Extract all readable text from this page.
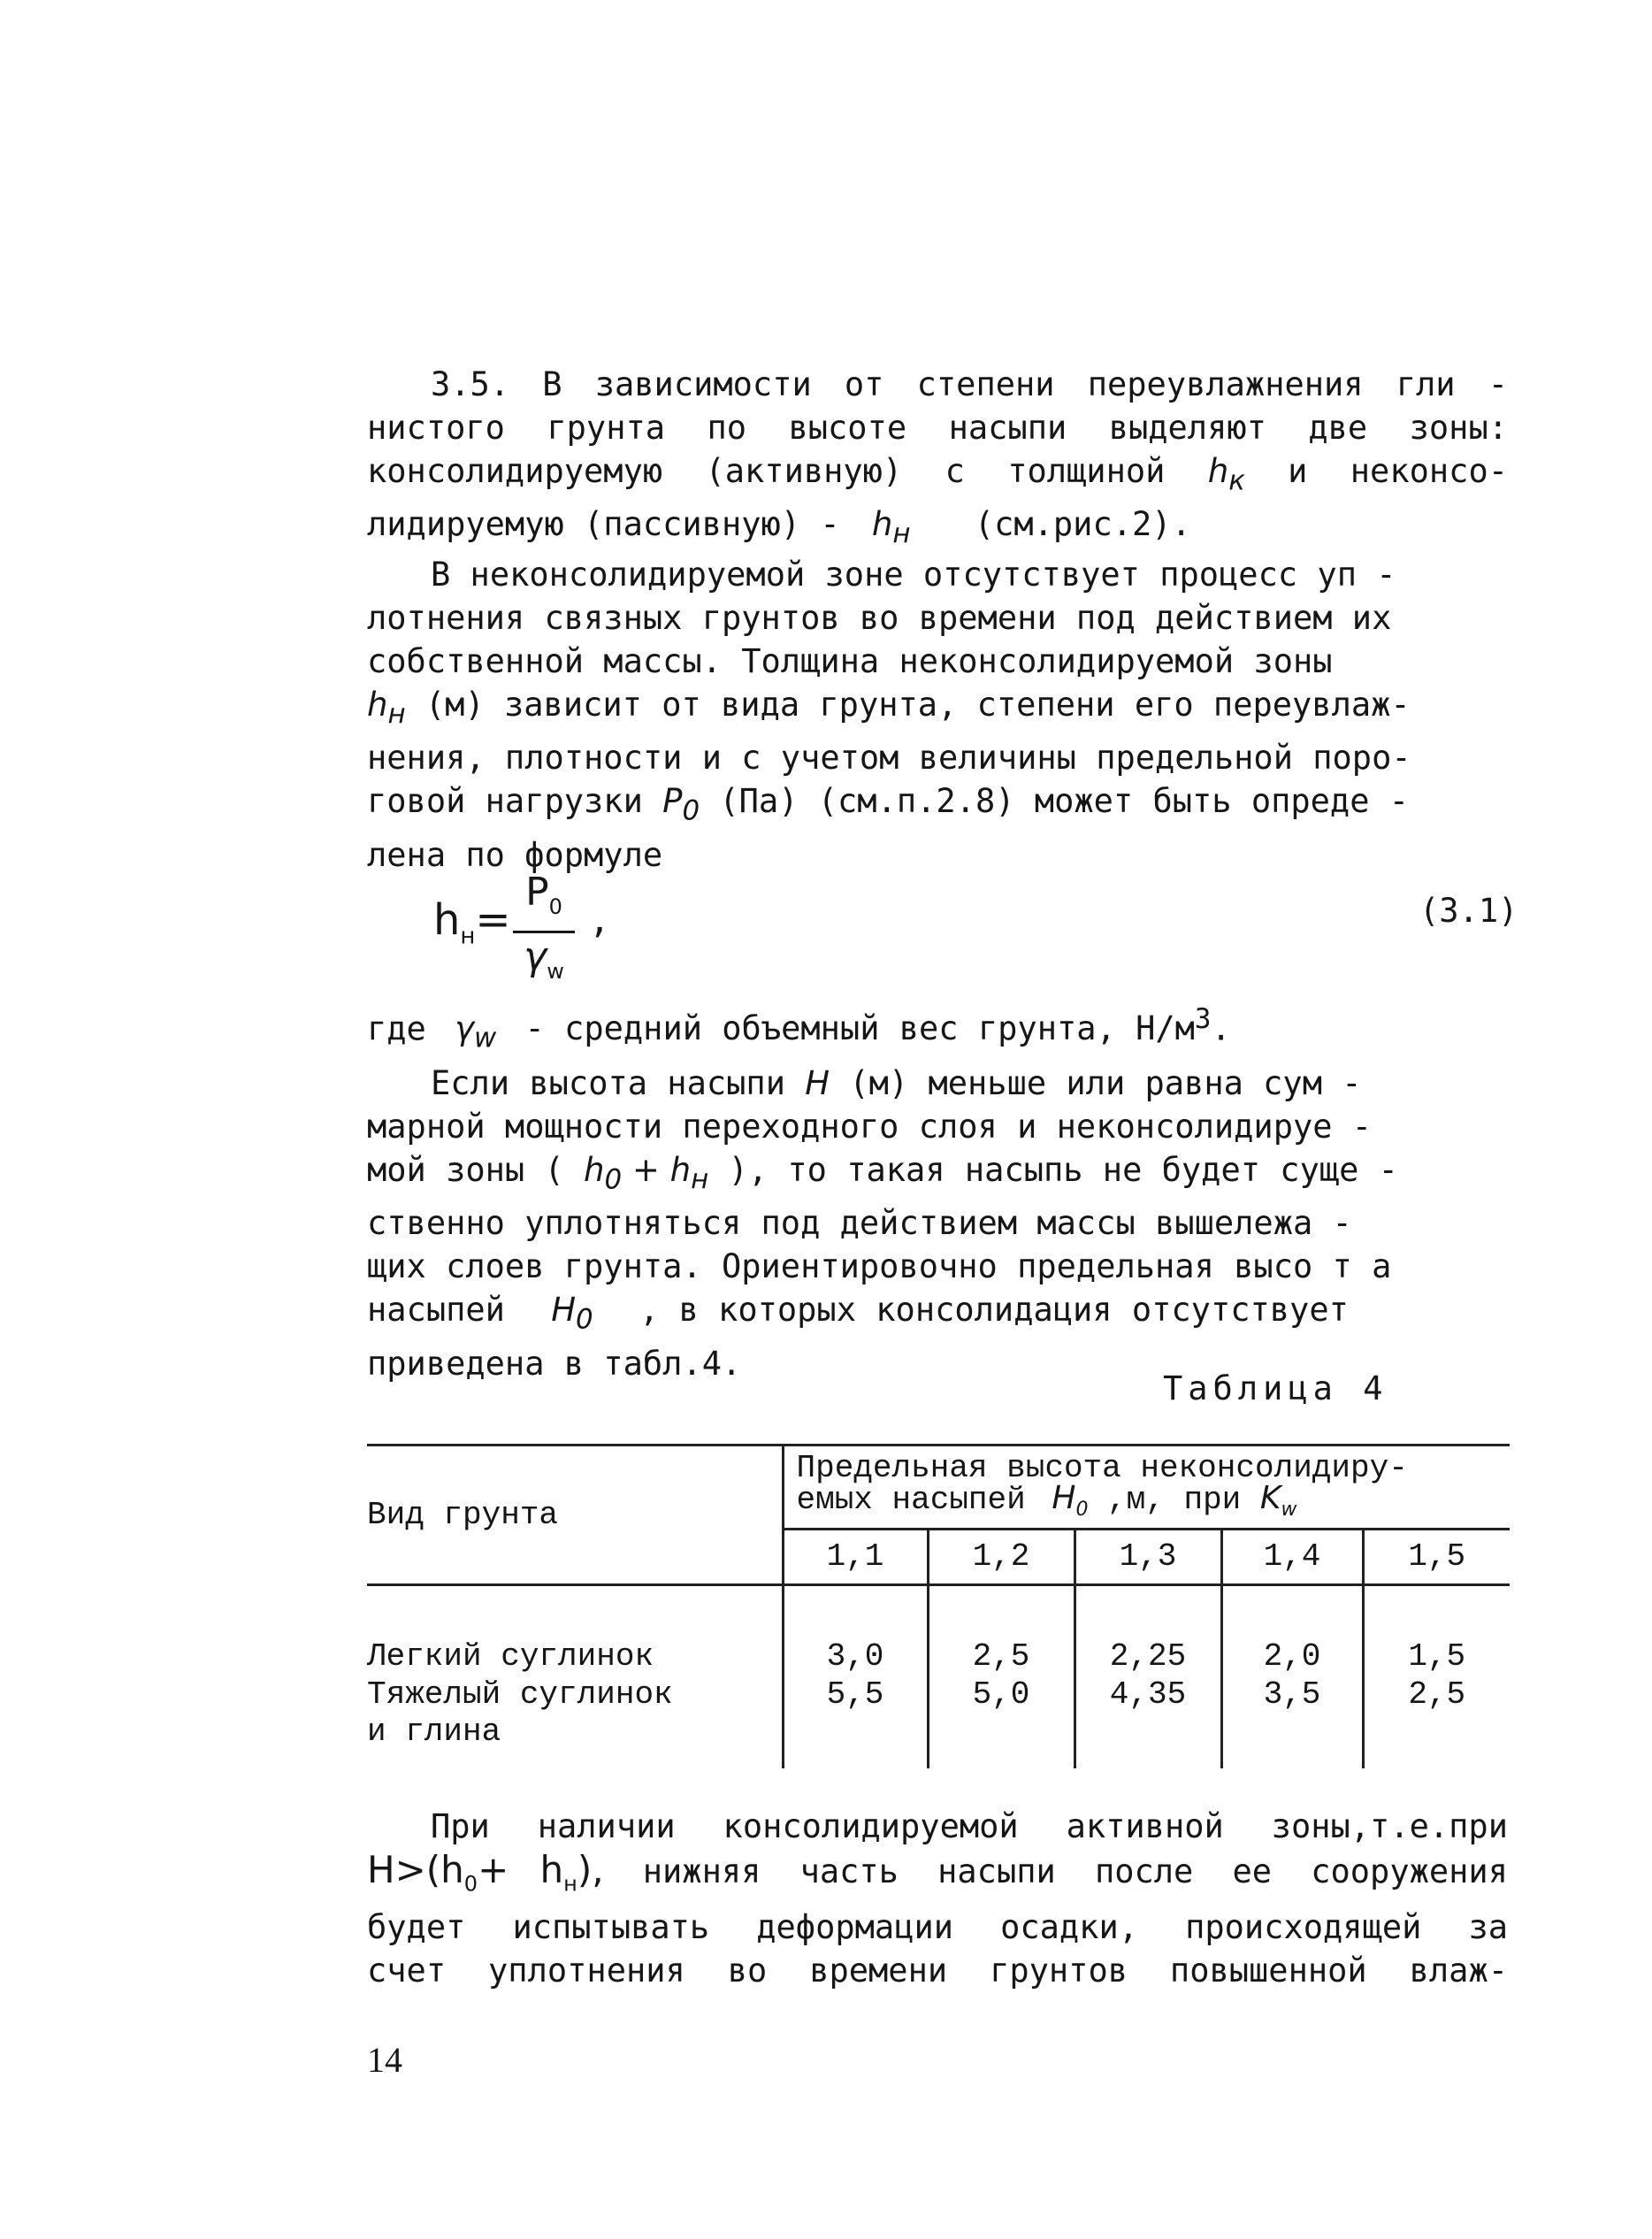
3.5. В зависимости от степени переувлажнения гли -
нистого грунта по высоте насыпи выделяют две зоны:
консолидируемую (активную) с толщиной $h_к$ и неконсо-
лидируемую (пассивную) - $h_н$ (см.рис.2).

В неконсолидируемой зоне отсутствует процесс уп -
лотнения связных грунтов во времени под действием их
собственной массы. Толщина неконсолидируемой зоны
$h_н$ (м) зависит от вида грунта, степени его переувлаж-
нения, плотности и с учетом величины предельной поро-
говой нагрузки $P_0$ (Па) (см.п.2.8) может быть опреде -
лена по формуле

$h_н=$
$P_0$
$\gamma_w$
,	(3.1)

где $\gamma_w$ - средний объемный вес грунта, $Н/м^3$.

Если высота насыпи H (м) меньше или равна сум -
марной мощности переходного слоя и неконсолидируе -
мой зоны ( $h_0 + h_н$ ), то такая насыпь не будет суще -
ственно уплотняться под действием массы вышележа -
щих слоев грунта. Ориентировочно предельная высо т а
насыпей $H_0$ , в которых консолидация отсутствует
приведена в табл.4.

Таблица 4
Вид грунта	Предельная высота неконсолидиру-
емых насыпей $H_0$ ,м, при $K_w$
	1,1	1,2	1,3	1,4	1,5
Легкий суглинок	3,0	2,5	2,25	2,0	1,5
Тяжелый суглинок
и глина	5,5	5,0	4,35	3,5	2,5

При наличии консолидируемой активной зоны,т.е.при
$H>(h_0+ h_н)$, нижняя часть насыпи после ее сооружения
будет испытывать деформации осадки, происходящей за
счет уплотнения во времени грунтов повышенной влаж-

14
